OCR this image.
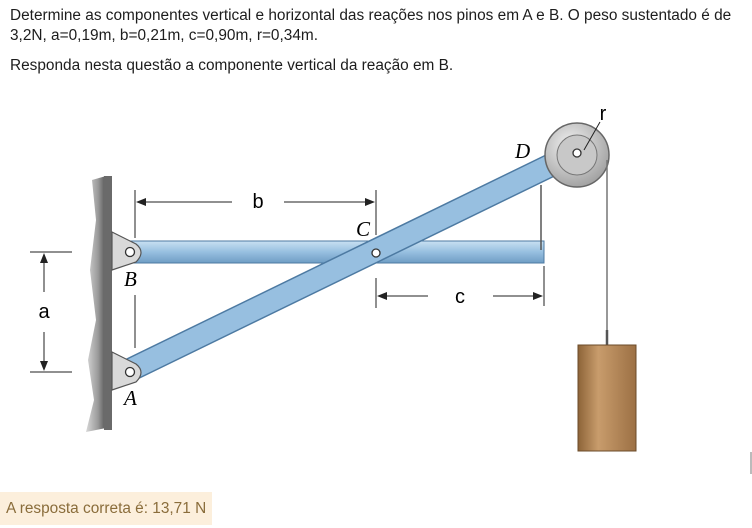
Determine as componentes vertical e horizontal das reações nos pinos em A e B. O peso sustentado é de 3,2N, a=0,19m, b=0,21m, c=0,90m, r=0,34m.

Responda nesta questão a componente vertical da reação em B.

b
c
a
r
B
A
C
D
A resposta correta é: 13,71 N
